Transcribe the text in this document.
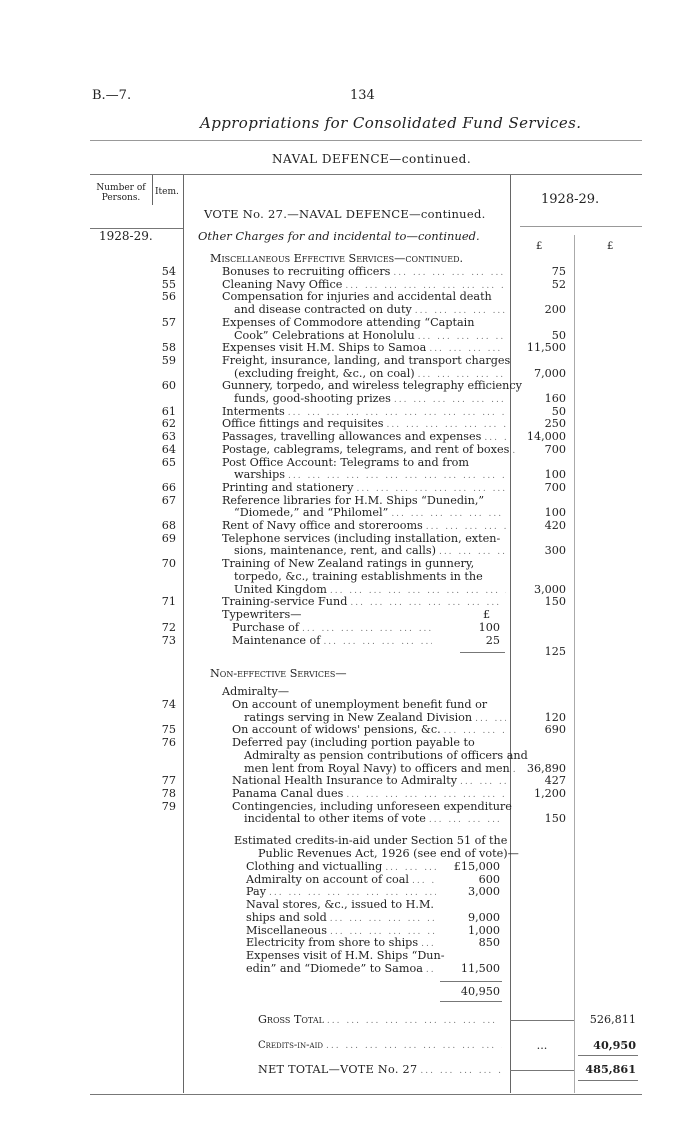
B.—7.	134
Appropriations for Consolidated Fund Services.
NAVAL DEFENCE—continued.
Number of Persons.
Item.	1928-29.
1928-29.
£	£
VOTE No. 27.—NAVAL DEFENCE—continued.
Other Charges for and incidental to—continued.
Miscellaneous Effective Services—continued.
54	Bonuses to recruiting officers ... .	75
55	Cleaning Navy Office ... .	52
56	Compensation for injuries and accidental death
and disease contracted on duty ... .	200
57	Expenses of Commodore attending “Captain
Cook” Celebrations at Honolulu ... .	50
58	Expenses visit H.M. Ships to Samoa ... .	11,500
59	Freight, insurance, landing, and transport charges
(excluding freight, &c., on coal) ... .	7,000
60	Gunnery, torpedo, and wireless telegraphy efficiency
funds, good-shooting prizes ... .	160
61	Interments ... .	50
62	Office fittings and requisites ... .	250
63	Passages, travelling allowances and expenses ... .	14,000
64	Postage, cablegrams, telegrams, and rent of boxes ... .	700
65	Post Office Account: Telegrams to and from
warships ... .	100
66	Printing and stationery ... .	700
67	Reference libraries for H.M. Ships “Dunedin,”
“Diomede,” and “Philomel” ... .	100
68	Rent of Navy office and storerooms ... .	420
69	Telephone services (including installation, exten-
sions, maintenance, rent, and calls) ... .	300
70	Training of New Zealand ratings in gunnery,
torpedo, &c., training establishments in the
United Kingdom ... .	3,000
71	Training-service Fund ... .	150
Typewriters—	£
72	Purchase of ... .	100
73	Maintenance of ... .	25
125
Non-effective Services—
Admiralty—
74	On account of unemployment benefit fund or
ratings serving in New Zealand Division ... .	120
75	On account of widows' pensions, &c. ... .	690
76	Deferred pay (including portion payable to
Admiralty as pension contributions of officers and
men lent from Royal Navy) to officers and men ... .	36,890
77	National Health Insurance to Admiralty ... .	427
78	Panama Canal dues ... .	1,200
79	Contingencies, including unforeseen expenditure
incidental to other items of vote ... .	150
Estimated credits-in-aid under Section 51 of the
Public Revenues Act, 1926 (see end of vote)—
Clothing and victualling ... .	£15,000
Admiralty on account of coal ... .	600
Pay ... .	3,000
Naval stores, &c., issued to H.M.
ships and sold ... .	9,000
Miscellaneous ... .	1,000
Electricity from shore to ships ... .	850
Expenses visit of H.M. Ships “Dun-
edin” and “Diomede” to Samoa ... .	11,500
40,950
Gross Total ... .	526,811
Credits-in-aid ... .	...	40,950
NET TOTAL—VOTE No. 27 ... .	485,861
